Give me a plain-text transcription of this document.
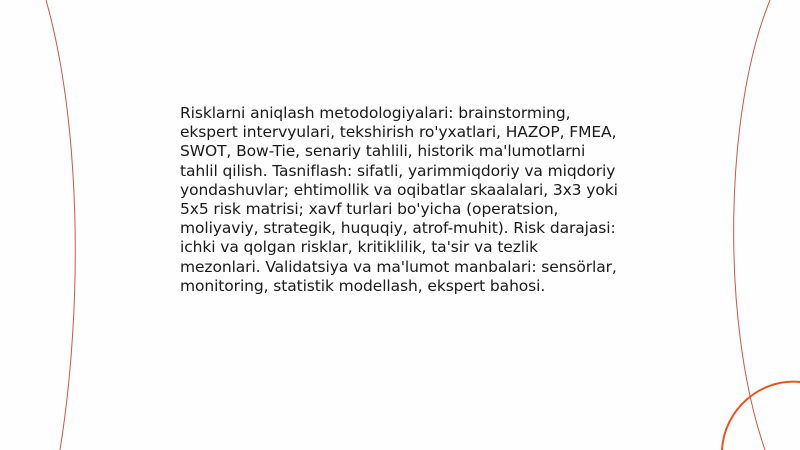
Risklarni aniqlash metodologiyalari: brainstorming, ekspert intervyulari, tekshirish ro'yxatlari, HAZOP, FMEA, SWOT, Bow-Tie, senariy tahlili, historik ma'lumotlarni tahlil qilish. Tasniflash: sifatli, yarimmiqdoriy va miqdoriy yondashuvlar; ehtimollik va oqibatlar skaalalari, 3x3 yoki 5x5 risk matrisi; xavf turlari bo'yicha (operatsion, moliyaviy, strategik, huquqiy, atrof-muhit). Risk darajasi: ichki va qolgan risklar, kritiklilik, ta'sir va tezlik mezonlari. Validatsiya va ma'lumot manbalari: sensörlar, monitoring, statistik modellash, ekspert bahosi.
